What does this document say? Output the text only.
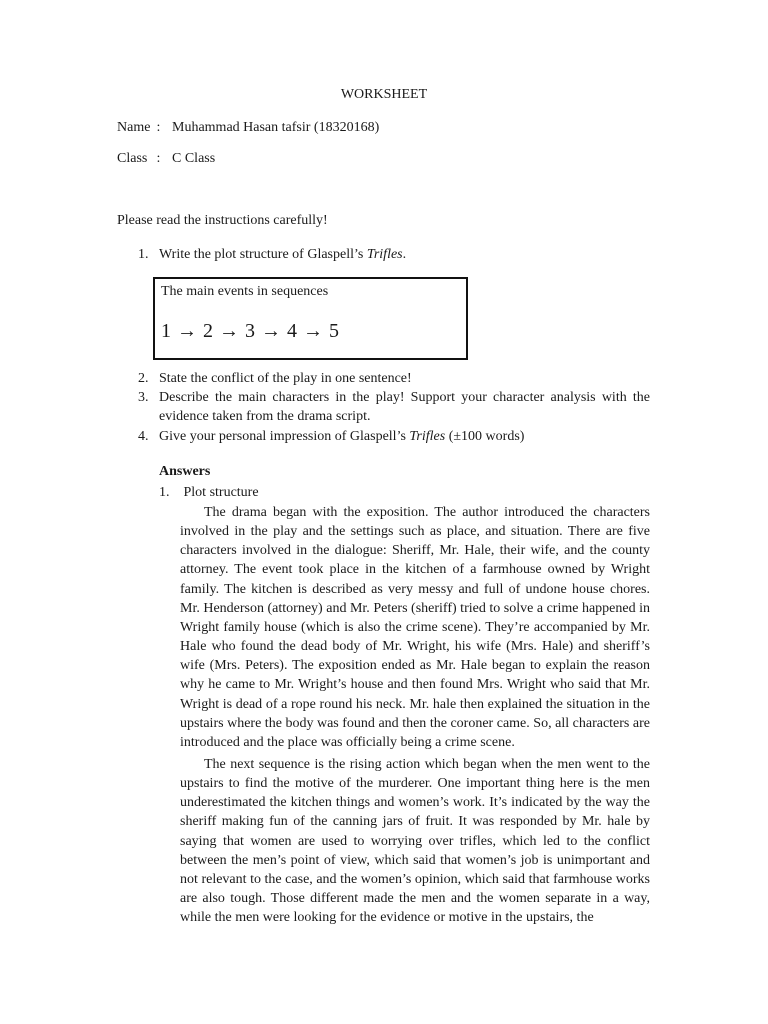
WORKSHEET
Name : Muhammad Hasan tafsir (18320168)
Class : C Class
Please read the instructions carefully!
1. Write the plot structure of Glaspell’s Trifles.
The main events in sequences
1 → 2 → 3 → 4 → 5
2. State the conflict of the play in one sentence!
3. Describe the main characters in the play! Support your character analysis with the evidence taken from the drama script.
4. Give your personal impression of Glaspell’s Trifles (±100 words)
Answers
1. Plot structure
The drama began with the exposition. The author introduced the characters involved in the play and the settings such as place, and situation. There are five characters involved in the dialogue: Sheriff, Mr. Hale, their wife, and the county attorney. The event took place in the kitchen of a farmhouse owned by Wright family. The kitchen is described as very messy and full of undone house chores. Mr. Henderson (attorney) and Mr. Peters (sheriff) tried to solve a crime happened in Wright family house (which is also the crime scene). They’re accompanied by Mr. Hale who found the dead body of Mr. Wright, his wife (Mrs. Hale) and sheriff’s wife (Mrs. Peters). The exposition ended as Mr. Hale began to explain the reason why he came to Mr. Wright’s house and then found Mrs. Wright who said that Mr. Wright is dead of a rope round his neck. Mr. hale then explained the situation in the upstairs where the body was found and then the coroner came. So, all characters are introduced and the place was officially being a crime scene.
The next sequence is the rising action which began when the men went to the upstairs to find the motive of the murderer. One important thing here is the men underestimated the kitchen things and women’s work. It’s indicated by the way the sheriff making fun of the canning jars of fruit. It was responded by Mr. hale by saying that women are used to worrying over trifles, which led to the conflict between the men’s point of view, which said that women’s job is unimportant and not relevant to the case, and the women’s opinion, which said that farmhouse works are also tough. Those different made the men and the women separate in a way, while the men were looking for the evidence or motive in the upstairs, the
